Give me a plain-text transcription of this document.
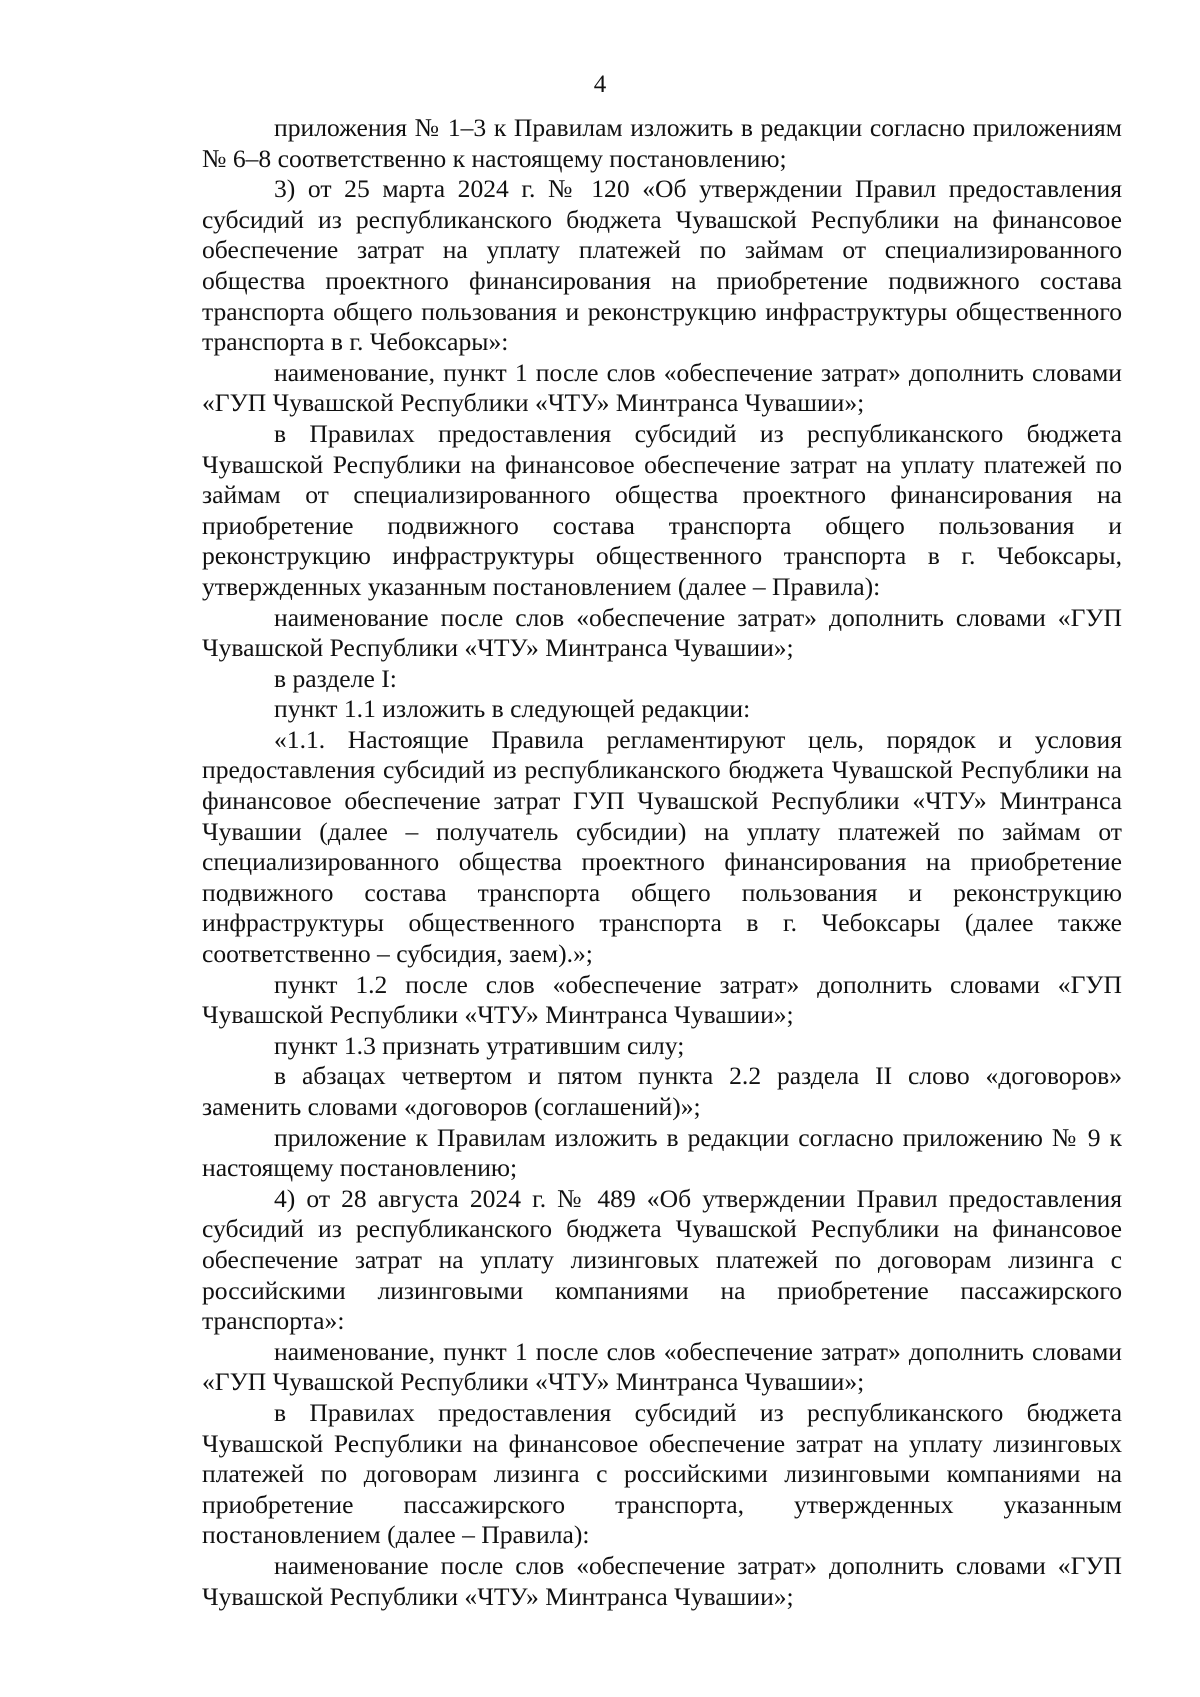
4

приложения № 1–3 к Правилам изложить в редакции согласно приложениям № 6–8 соответственно к настоящему постановлению;

3) от 25 марта 2024 г. № 120 «Об утверждении Правил предоставления субсидий из республиканского бюджета Чувашской Республики на финансовое обеспечение затрат на уплату платежей по займам от специализированного общества проектного финансирования на приобретение подвижного состава транспорта общего пользования и реконструкцию инфраструктуры общественного транспорта в г. Чебоксары»:

наименование, пункт 1 после слов «обеспечение затрат» дополнить словами «ГУП Чувашской Республики «ЧТУ» Минтранса Чувашии»;

в Правилах предоставления субсидий из республиканского бюджета Чувашской Республики на финансовое обеспечение затрат на уплату платежей по займам от специализированного общества проектного финансирования на приобретение подвижного состава транспорта общего пользования и реконструкцию инфраструктуры общественного транспорта в г. Чебоксары, утвержденных указанным постановлением (далее – Правила):

наименование после слов «обеспечение затрат» дополнить словами «ГУП Чувашской Республики «ЧТУ» Минтранса Чувашии»;

в разделе I:

пункт 1.1 изложить в следующей редакции:

«1.1. Настоящие Правила регламентируют цель, порядок и условия предоставления субсидий из республиканского бюджета Чувашской Республики на финансовое обеспечение затрат ГУП Чувашской Республики «ЧТУ» Минтранса Чувашии (далее – получатель субсидии) на уплату платежей по займам от специализированного общества проектного финансирования на приобретение подвижного состава транспорта общего пользования и реконструкцию инфраструктуры общественного транспорта в г. Чебоксары (далее также соответственно – субсидия, заем).»;

пункт 1.2 после слов «обеспечение затрат» дополнить словами «ГУП Чувашской Республики «ЧТУ» Минтранса Чувашии»;

пункт 1.3 признать утратившим силу;

в абзацах четвертом и пятом пункта 2.2 раздела II слово «договоров» заменить словами «договоров (соглашений)»;

приложение к Правилам изложить в редакции согласно приложению № 9 к настоящему постановлению;

4) от 28 августа 2024 г. № 489 «Об утверждении Правил предоставления субсидий из республиканского бюджета Чувашской Республики на финансовое обеспечение затрат на уплату лизинговых платежей по договорам лизинга с российскими лизинговыми компаниями на приобретение пассажирского транспорта»:

наименование, пункт 1 после слов «обеспечение затрат» дополнить словами «ГУП Чувашской Республики «ЧТУ» Минтранса Чувашии»;

в Правилах предоставления субсидий из республиканского бюджета Чувашской Республики на финансовое обеспечение затрат на уплату лизинговых платежей по договорам лизинга с российскими лизинговыми компаниями на приобретение пассажирского транспорта, утвержденных указанным постановлением (далее – Правила):

наименование после слов «обеспечение затрат» дополнить словами «ГУП Чувашской Республики «ЧТУ» Минтранса Чувашии»;
